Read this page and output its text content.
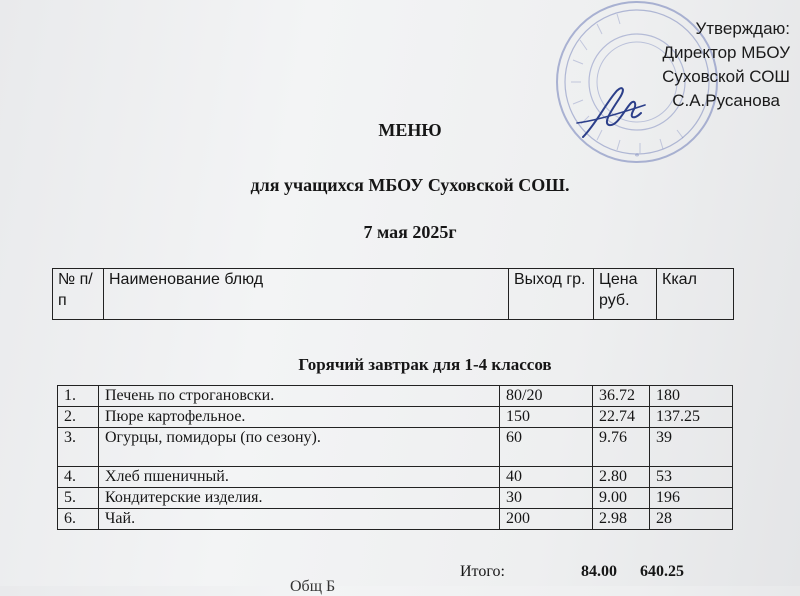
*
Утверждаю:
Директор МБОУ
Суховской СОШ
С.А.Русанова
МЕНЮ
для учащихся МБОУ Суховской СОШ.
7 мая 2025г
№ п/п	Наименование блюд	Выход гр.	Цена руб.	Ккал
Горячий завтрак для 1-4 классов
1.	Печень по строгановски.	80/20	36.72	180
2.	Пюре картофельное.	150	22.74	137.25
3.	Огурцы, помидоры (по сезону).	60	9.76	39
4.	Хлеб пшеничный.	40	2.80	53
5.	Кондитерские изделия.	30	9.00	196
6.	Чай.	200	2.98	28
Итого:	84.00 640.25
Общ Б
